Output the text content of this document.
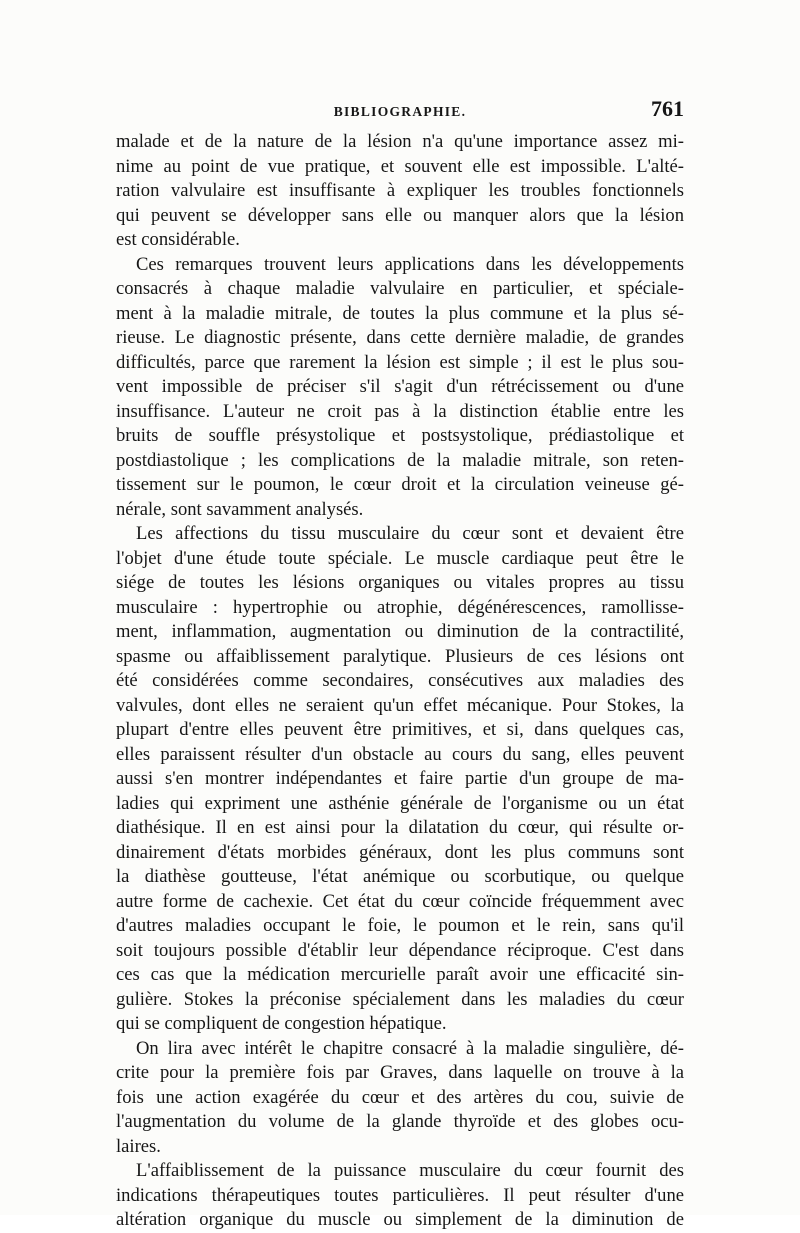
BIBLIOGRAPHIE.	761
malade et de la nature de la lésion n'a qu'une importance assez mi-
nime au point de vue pratique, et souvent elle est impossible. L'alté-
ration valvulaire est insuffisante à expliquer les troubles fonctionnels
qui peuvent se développer sans elle ou manquer alors que la lésion
est considérable.
Ces remarques trouvent leurs applications dans les développements
consacrés à chaque maladie valvulaire en particulier, et spéciale-
ment à la maladie mitrale, de toutes la plus commune et la plus sé-
rieuse. Le diagnostic présente, dans cette dernière maladie, de grandes
difficultés, parce que rarement la lésion est simple ; il est le plus sou-
vent impossible de préciser s'il s'agit d'un rétrécissement ou d'une
insuffisance. L'auteur ne croit pas à la distinction établie entre les
bruits de souffle présystolique et postsystolique, prédiastolique et
postdiastolique ; les complications de la maladie mitrale, son reten-
tissement sur le poumon, le cœur droit et la circulation veineuse gé-
nérale, sont savamment analysés.
Les affections du tissu musculaire du cœur sont et devaient être
l'objet d'une étude toute spéciale. Le muscle cardiaque peut être le
siége de toutes les lésions organiques ou vitales propres au tissu
musculaire : hypertrophie ou atrophie, dégénérescences, ramollisse-
ment, inflammation, augmentation ou diminution de la contractilité,
spasme ou affaiblissement paralytique. Plusieurs de ces lésions ont
été considérées comme secondaires, consécutives aux maladies des
valvules, dont elles ne seraient qu'un effet mécanique. Pour Stokes, la
plupart d'entre elles peuvent être primitives, et si, dans quelques cas,
elles paraissent résulter d'un obstacle au cours du sang, elles peuvent
aussi s'en montrer indépendantes et faire partie d'un groupe de ma-
ladies qui expriment une asthénie générale de l'organisme ou un état
diathésique. Il en est ainsi pour la dilatation du cœur, qui résulte or-
dinairement d'états morbides généraux, dont les plus communs sont
la diathèse goutteuse, l'état anémique ou scorbutique, ou quelque
autre forme de cachexie. Cet état du cœur coïncide fréquemment avec
d'autres maladies occupant le foie, le poumon et le rein, sans qu'il
soit toujours possible d'établir leur dépendance réciproque. C'est dans
ces cas que la médication mercurielle paraît avoir une efficacité sin-
gulière. Stokes la préconise spécialement dans les maladies du cœur
qui se compliquent de congestion hépatique.
On lira avec intérêt le chapitre consacré à la maladie singulière, dé-
crite pour la première fois par Graves, dans laquelle on trouve à la
fois une action exagérée du cœur et des artères du cou, suivie de
l'augmentation du volume de la glande thyroïde et des globes ocu-
laires.
L'affaiblissement de la puissance musculaire du cœur fournit des
indications thérapeutiques toutes particulières. Il peut résulter d'une
altération organique du muscle ou simplement de la diminution de
